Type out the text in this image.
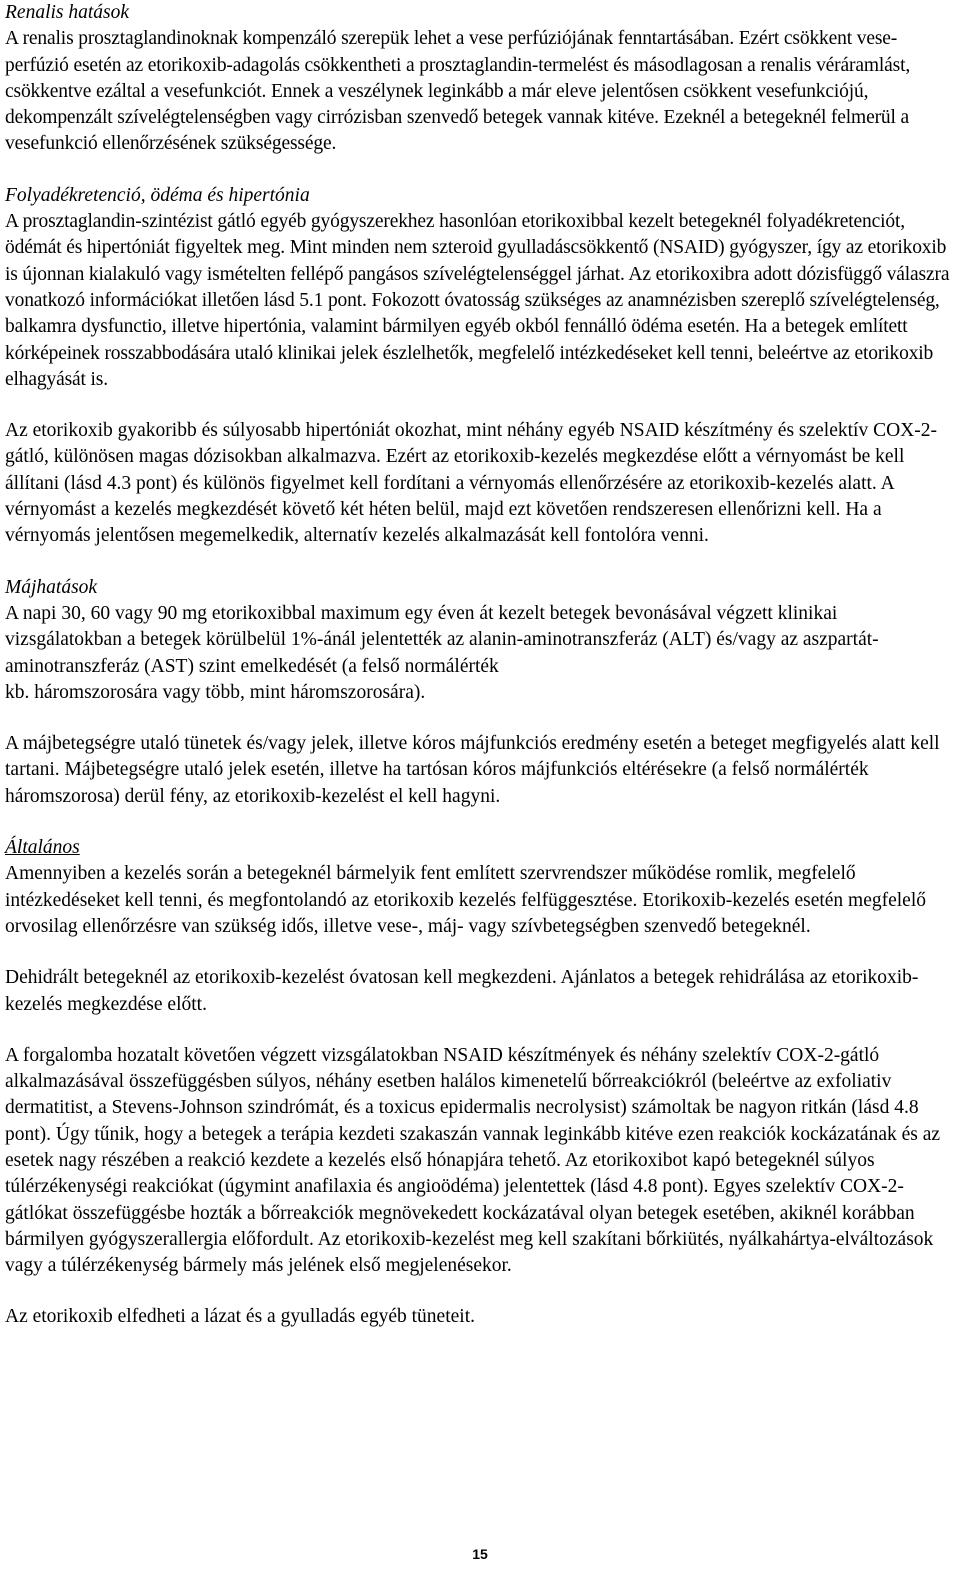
Renalis hatások

A renalis prosztaglandinoknak kompenzáló szerepük lehet a vese perfúziójának fenntartásában. Ezért csökkent vese-perfúzió esetén az etorikoxib-adagolás csökkentheti a prosztaglandin-termelést és másodlagosan a renalis véráramlást, csökkentve ezáltal a vesefunkciót. Ennek a veszélynek leginkább a már eleve jelentősen csökkent vesefunkciójú, dekompenzált szívelégtelenségben vagy cirrózisban szenvedő betegek vannak kitéve. Ezeknél a betegeknél felmerül a vesefunkció ellenőrzésének szükségessége.

Folyadékretenció, ödéma és hipertónia

A prosztaglandin-szintézist gátló egyéb gyógyszerekhez hasonlóan etorikoxibbal kezelt betegeknél folyadékretenciót, ödémát és hipertóniát figyeltek meg. Mint minden nem szteroid gyulladáscsökkentő (NSAID) gyógyszer, így az etorikoxib is újonnan kialakuló vagy ismételten fellépő pangásos szívelégtelenséggel járhat. Az etorikoxibra adott dózisfüggő válaszra vonatkozó információkat illetően lásd 5.1 pont. Fokozott óvatosság szükséges az anamnézisben szereplő szívelégtelenség, balkamra dysfunctio, illetve hipertónia, valamint bármilyen egyéb okból fennálló ödéma esetén. Ha a betegek említett kórképeinek rosszabbodására utaló klinikai jelek észlelhetők, megfelelő intézkedéseket kell tenni, beleértve az etorikoxib elhagyását is.

Az etorikoxib gyakoribb és súlyosabb hipertóniát okozhat, mint néhány egyéb NSAID készítmény és szelektív COX-2-gátló, különösen magas dózisokban alkalmazva. Ezért az etorikoxib-kezelés megkezdése előtt a vérnyomást be kell állítani (lásd 4.3 pont) és különös figyelmet kell fordítani a vérnyomás ellenőrzésére az etorikoxib-kezelés alatt. A vérnyomást a kezelés megkezdését követő két héten belül, majd ezt követően rendszeresen ellenőrizni kell. Ha a vérnyomás jelentősen megemelkedik, alternatív kezelés alkalmazását kell fontolóra venni.

Májhatások

A napi 30, 60 vagy 90 mg etorikoxibbal maximum egy éven át kezelt betegek bevonásával végzett klinikai vizsgálatokban a betegek körülbelül 1%-ánál jelentették az alanin-aminotranszferáz (ALT) és/vagy az aszpartát-aminotranszferáz (AST) szint emelkedését (a felső normálérték
kb. háromszorosára vagy több, mint háromszorosára).

A májbetegségre utaló tünetek és/vagy jelek, illetve kóros májfunkciós eredmény esetén a beteget megfigyelés alatt kell tartani. Májbetegségre utaló jelek esetén, illetve ha tartósan kóros májfunkciós eltérésekre (a felső normálérték háromszorosa) derül fény, az etorikoxib-kezelést el kell hagyni.

Általános

Amennyiben a kezelés során a betegeknél bármelyik fent említett szervrendszer működése romlik, megfelelő intézkedéseket kell tenni, és megfontolandó az etorikoxib kezelés felfüggesztése. Etorikoxib-kezelés esetén megfelelő orvosilag ellenőrzésre van szükség idős, illetve vese-, máj- vagy szívbetegségben szenvedő betegeknél.

Dehidrált betegeknél az etorikoxib-kezelést óvatosan kell megkezdeni. Ajánlatos a betegek rehidrálása az etorikoxib-kezelés megkezdése előtt.

A forgalomba hozatalt követően végzett vizsgálatokban NSAID készítmények és néhány szelektív COX-2-gátló alkalmazásával összefüggésben súlyos, néhány esetben halálos kimenetelű bőrreakciókról (beleértve az exfoliativ dermatitist, a Stevens-Johnson szindrómát, és a toxicus epidermalis necrolysist) számoltak be nagyon ritkán (lásd 4.8 pont). Úgy tűnik, hogy a betegek a terápia kezdeti szakaszán vannak leginkább kitéve ezen reakciók kockázatának és az esetek nagy részében a reakció kezdete a kezelés első hónapjára tehető. Az etorikoxibot kapó betegeknél súlyos túlérzékenységi reakciókat (úgymint anafilaxia és angioödéma) jelentettek (lásd 4.8 pont). Egyes szelektív COX-2-gátlókat összefüggésbe hozták a bőrreakciók megnövekedett kockázatával olyan betegek esetében, akiknél korábban bármilyen gyógyszerallergia előfordult. Az etorikoxib-kezelést meg kell szakítani bőrkiütés, nyálkahártya-elváltozások vagy a túlérzékenység bármely más jelének első megjelenésekor.

Az etorikoxib elfedheti a lázat és a gyulladás egyéb tüneteit.

15
